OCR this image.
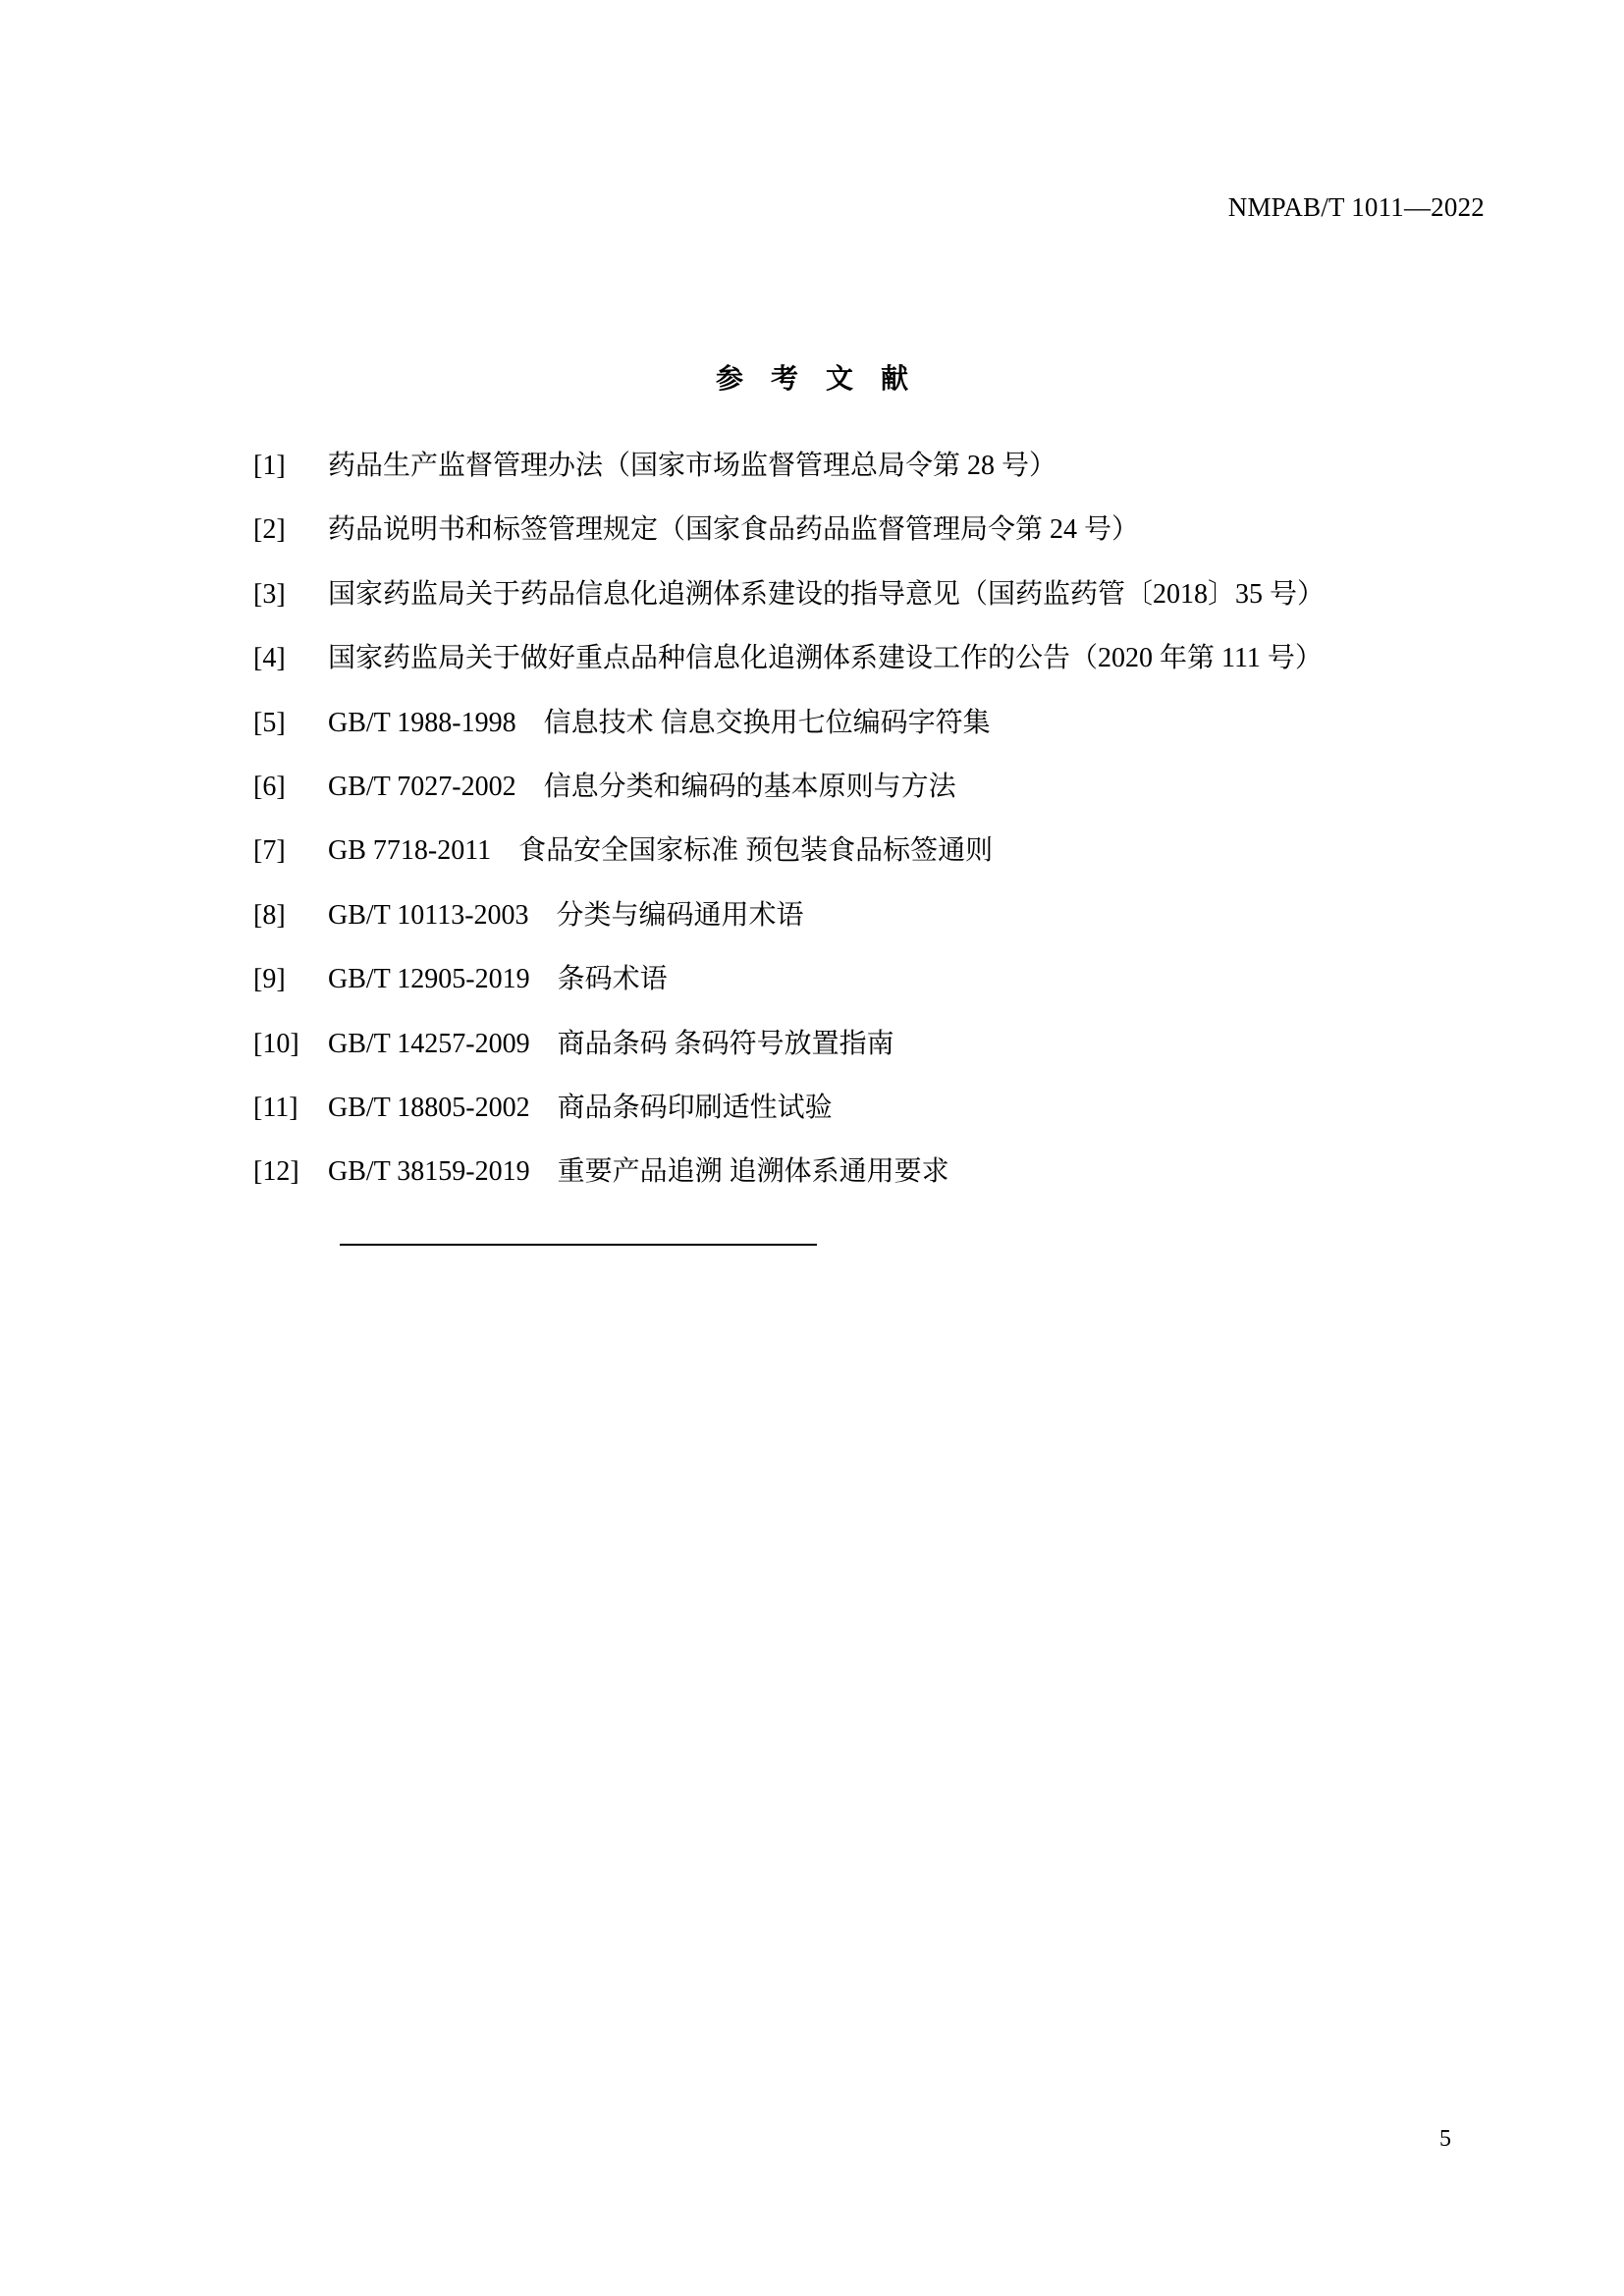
NMPAB/T 1011—2022
参考文献
[1]	药品生产监督管理办法（国家市场监督管理总局令第 28 号）
[2]	药品说明书和标签管理规定（国家食品药品监督管理局令第 24 号）
[3]	国家药监局关于药品信息化追溯体系建设的指导意见（国药监药管〔2018〕35 号）
[4]	国家药监局关于做好重点品种信息化追溯体系建设工作的公告（2020 年第 111 号）
[5]	GB/T 1988-1998　信息技术 信息交换用七位编码字符集
[6]	GB/T 7027-2002　信息分类和编码的基本原则与方法
[7]	GB 7718-2011　食品安全国家标准 预包装食品标签通则
[8]	GB/T 10113-2003　分类与编码通用术语
[9]	GB/T 12905-2019　条码术语
[10]	GB/T 14257-2009　商品条码 条码符号放置指南
[11]	GB/T 18805-2002　商品条码印刷适性试验
[12]	GB/T 38159-2019　重要产品追溯 追溯体系通用要求
5
